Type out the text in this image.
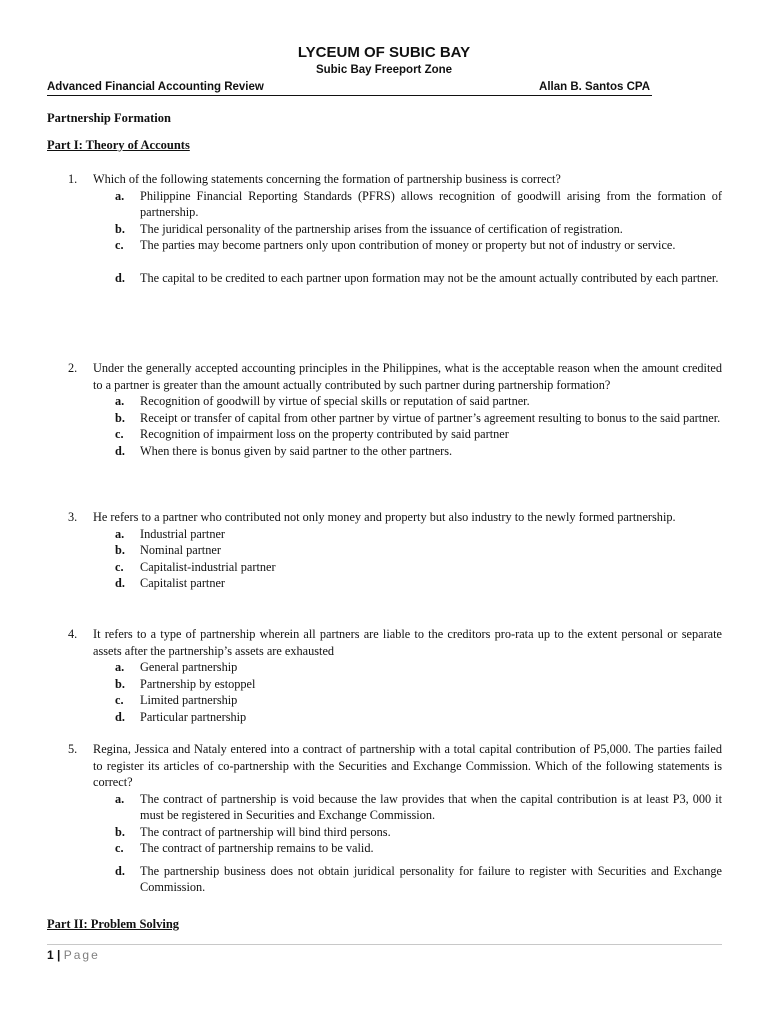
LYCEUM OF SUBIC BAY
Subic Bay Freeport Zone
Advanced Financial Accounting Review	Allan B. Santos CPA
Partnership Formation
Part I: Theory of Accounts
1.	Which of the following statements concerning the formation of partnership business is correct?
a. Philippine Financial Reporting Standards (PFRS) allows recognition of goodwill arising from the formation of partnership.
b. The juridical personality of the partnership arises from the issuance of certification of registration.
c. The parties may become partners only upon contribution of money or property but not of industry or service.
d. The capital to be credited to each partner upon formation may not be the amount actually contributed by each partner.
2.	Under the generally accepted accounting principles in the Philippines, what is the acceptable reason when the amount credited to a partner is greater than the amount actually contributed by such partner during partnership formation?
a. Recognition of goodwill by virtue of special skills or reputation of said partner.
b. Receipt or transfer of capital from other partner by virtue of partner’s agreement resulting to bonus to the said partner.
c. Recognition of impairment loss on the property contributed by said partner
d. When there is bonus given by said partner to the other partners.
3.	He refers to a partner who contributed not only money and property but also industry to the newly formed partnership.
a. Industrial partner
b. Nominal partner
c. Capitalist-industrial partner
d. Capitalist partner
4.	It refers to a type of partnership wherein all partners are liable to the creditors pro-rata up to the extent personal or separate assets after the partnership’s assets are exhausted
a. General partnership
b. Partnership by estoppel
c. Limited partnership
d. Particular partnership
5.	Regina, Jessica and Nataly entered into a contract of partnership with a total capital contribution of P5,000. The parties failed to register its articles of co-partnership with the Securities and Exchange Commission. Which of the following statements is correct?
a. The contract of partnership is void because the law provides that when the capital contribution is at least P3, 000 it must be registered in Securities and Exchange Commission.
b. The contract of partnership will bind third persons.
c. The contract of partnership remains to be valid.
d. The partnership business does not obtain juridical personality for failure to register with Securities and Exchange Commission.
Part II: Problem Solving
1 | Page
